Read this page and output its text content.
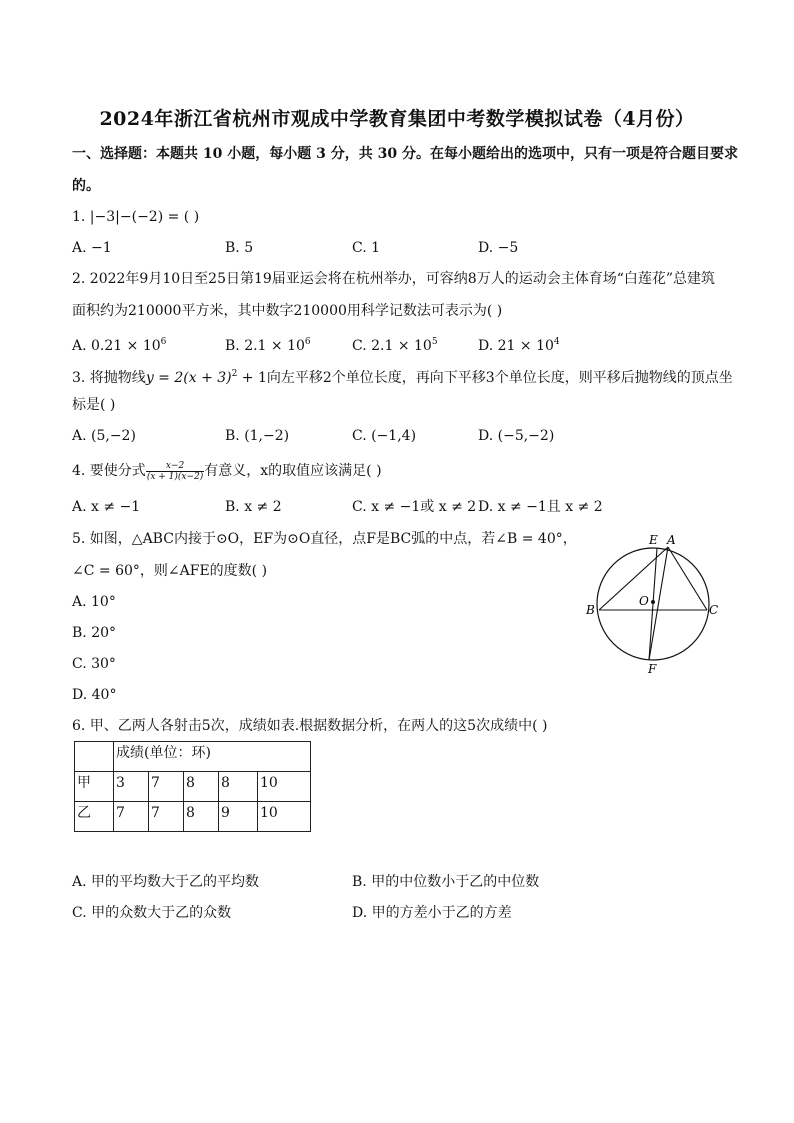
2024年浙江省杭州市观成中学教育集团中考数学模拟试卷（4月份）
一、选择题：本题共 10 小题，每小题 3 分，共 30 分。在每小题给出的选项中，只有一项是符合题目要求
的。
1. |−3|−(−2) = ( )
A. −1	B. 5	C. 1	D. −5
2. 2022年9月10日至25日第19届亚运会将在杭州举办，可容纳8万人的运动会主体育场“白莲花”总建筑
面积约为210000平方米，其中数字210000用科学记数法可表示为( )
A. $0.21 \times 10^6$	B. $2.1 \times 10^6$	C. $2.1 \times 10^5$	D. $21 \times 10^4$
3. 将抛物线$y = 2(x + 3)^2 + 1$向左平移2个单位长度，再向下平移3个单位长度，则平移后抛物线的顶点坐
标是( )
A. (5,−2)	B. (1,−2)	C. (−1,4)	D. (−5,−2)
4. 要使分式 $\frac{x-2}{(x + 1)(x-2)}$ 有意义，x的取值应该满足( )
A. x ≠ −1	B. x ≠ 2	C. x ≠ −1或 x ≠ 2 D. x ≠ −1且 x ≠ 2
5. 如图，△ABC内接于⊙O，EF为⊙O直径，点F是BC弧的中点，若∠B = 40°，
∠C = 60°，则∠AFE的度数( )
A. 10°
B. 20°
C. 30°
D. 40°
E A
B	C
O
F
6. 甲、乙两人各射击5次，成绩如表.根据数据分析，在两人的这5次成绩中( )
	成绩(单位：环)				
甲	3	7	8	8	10
乙	7	7	8	9	10
A. 甲的平均数大于乙的平均数	B. 甲的中位数小于乙的中位数
C. 甲的众数大于乙的众数	D. 甲的方差小于乙的方差
